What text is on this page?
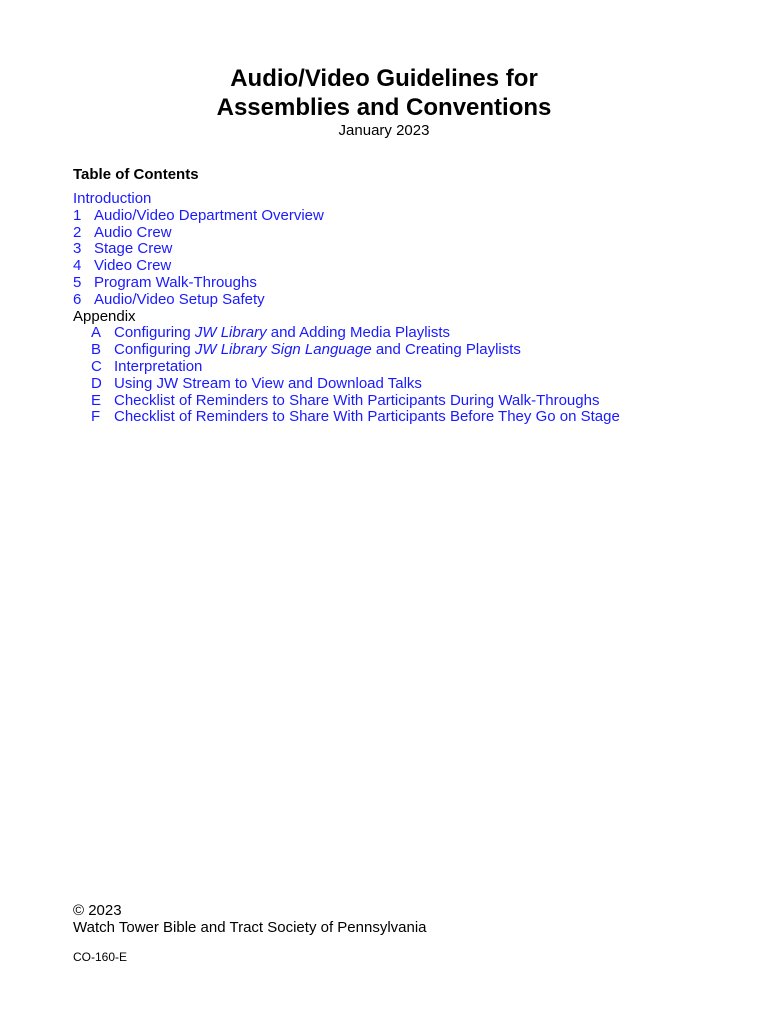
Audio/Video Guidelines for
Assemblies and Conventions
January 2023
Table of Contents
Introduction
1 Audio/Video Department Overview
2 Audio Crew
3 Stage Crew
4 Video Crew
5 Program Walk-Throughs
6 Audio/Video Setup Safety
Appendix
A Configuring JW Library and Adding Media Playlists
B Configuring JW Library Sign Language and Creating Playlists
C Interpretation
D Using JW Stream to View and Download Talks
E Checklist of Reminders to Share With Participants During Walk-Throughs
F Checklist of Reminders to Share With Participants Before They Go on Stage
© 2023
Watch Tower Bible and Tract Society of Pennsylvania
CO-160-E
